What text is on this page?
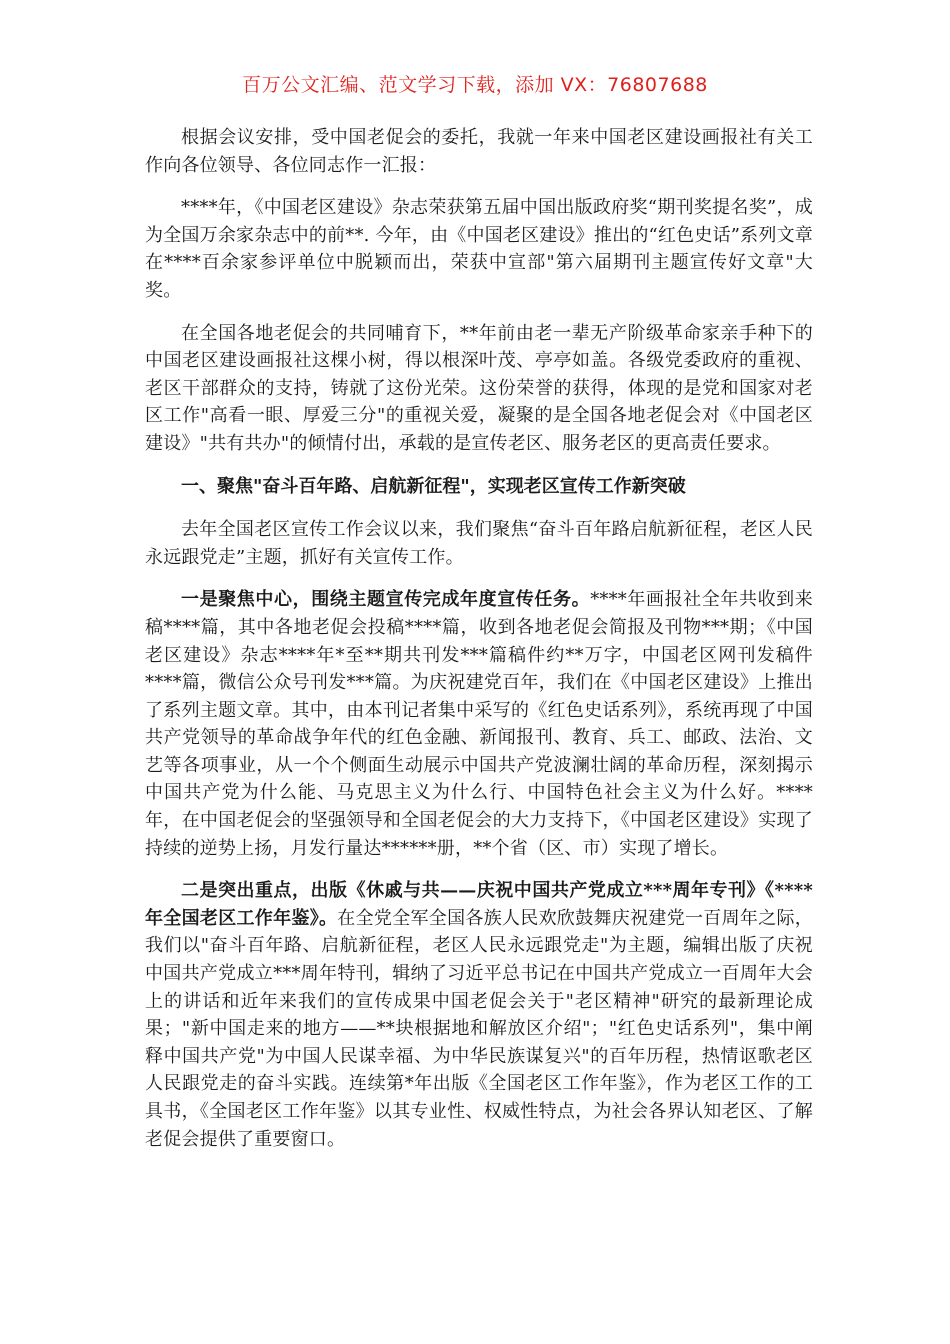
百万公文汇编、范文学习下载，添加 VX：76807688

根据会议安排，受中国老促会的委托，我就一年来中国老区建设画报社有关工作向各位领导、各位同志作一汇报：

****年，《中国老区建设》杂志荣获第五届中国出版政府奖“期刊奖提名奖”，成为全国万余家杂志中的前**. 今年，由《中国老区建设》推出的“红色史话”系列文章在****百余家参评单位中脱颖而出，荣获中宣部"第六届期刊主题宣传好文章"大奖。

在全国各地老促会的共同哺育下，**年前由老一辈无产阶级革命家亲手种下的中国老区建设画报社这棵小树，得以根深叶茂、亭亭如盖。各级党委政府的重视、老区干部群众的支持，铸就了这份光荣。这份荣誉的获得，体现的是党和国家对老区工作"高看一眼、厚爱三分"的重视关爱，凝聚的是全国各地老促会对《中国老区建设》"共有共办"的倾情付出，承载的是宣传老区、服务老区的更高责任要求。

一、聚焦"奋斗百年路、启航新征程"，实现老区宣传工作新突破

去年全国老区宣传工作会议以来，我们聚焦“奋斗百年路启航新征程，老区人民永远跟党走”主题，抓好有关宣传工作。

一是聚焦中心，围绕主题宣传完成年度宣传任务。****年画报社全年共收到来稿****篇，其中各地老促会投稿****篇，收到各地老促会简报及刊物***期；《中国老区建设》杂志****年*至**期共刊发***篇稿件约**万字，中国老区网刊发稿件****篇，微信公众号刊发***篇。为庆祝建党百年，我们在《中国老区建设》上推出了系列主题文章。其中，由本刊记者集中采写的《红色史话系列》，系统再现了中国共产党领导的革命战争年代的红色金融、新闻报刊、教育、兵工、邮政、法治、文艺等各项事业，从一个个侧面生动展示中国共产党波澜壮阔的革命历程，深刻揭示中国共产党为什么能、马克思主义为什么行、中国特色社会主义为什么好。****年，在中国老促会的坚强领导和全国老促会的大力支持下，《中国老区建设》实现了持续的逆势上扬，月发行量达******册，**个省（区、市）实现了增长。

二是突出重点，出版《休戚与共——庆祝中国共产党成立***周年专刊》《****年全国老区工作年鉴》。在全党全军全国各族人民欢欣鼓舞庆祝建党一百周年之际，我们以"奋斗百年路、启航新征程，老区人民永远跟党走"为主题，编辑出版了庆祝中国共产党成立***周年特刊，辑纳了习近平总书记在中国共产党成立一百周年大会上的讲话和近年来我们的宣传成果中国老促会关于"老区精神"研究的最新理论成果；"新中国走来的地方——**块根据地和解放区介绍"；"红色史话系列"，集中阐释中国共产党"为中国人民谋幸福、为中华民族谋复兴"的百年历程，热情讴歌老区人民跟党走的奋斗实践。连续第*年出版《全国老区工作年鉴》，作为老区工作的工具书，《全国老区工作年鉴》以其专业性、权威性特点，为社会各界认知老区、了解老促会提供了重要窗口。
